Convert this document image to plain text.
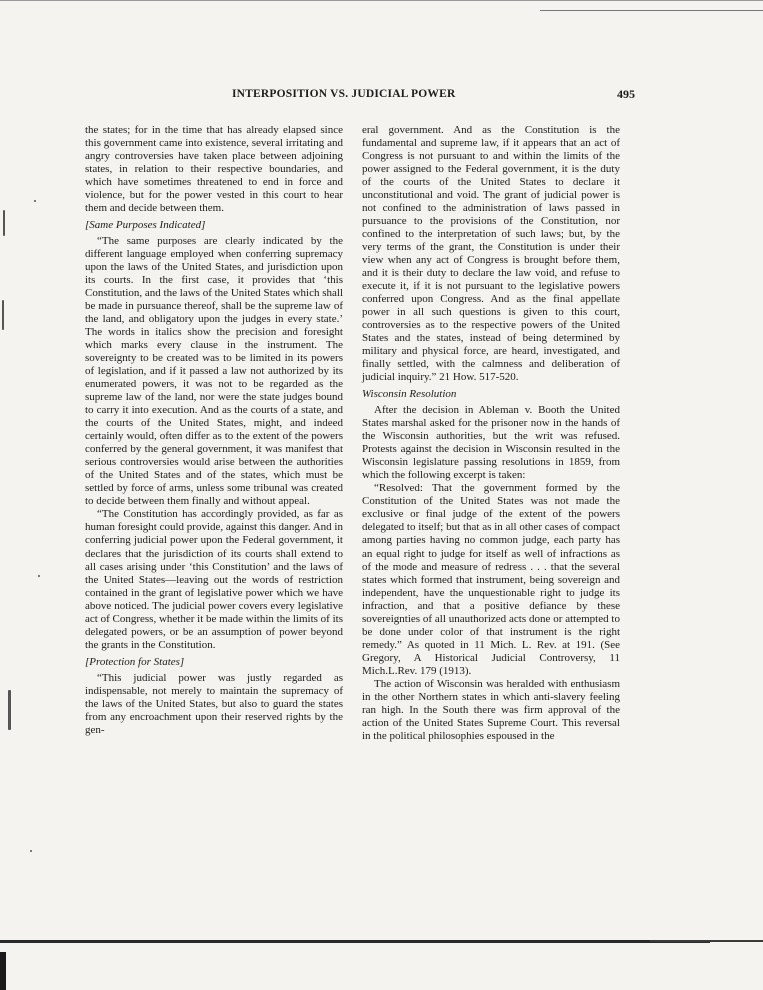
INTERPOSITION VS. JUDICIAL POWER	495

the states; for in the time that has already elapsed since this government came into existence, several irritating and angry controversies have taken place between adjoining states, in relation to their respective boundaries, and which have sometimes threatened to end in force and violence, but for the power vested in this court to hear them and decide between them.

[Same Purposes Indicated]

“The same purposes are clearly indicated by the different language employed when conferring supremacy upon the laws of the United States, and jurisdiction upon its courts. In the first case, it provides that ‘this Constitution, and the laws of the United States which shall be made in pursuance thereof, shall be the supreme law of the land, and obligatory upon the judges in every state.’ The words in italics show the precision and foresight which marks every clause in the instrument. The sovereignty to be created was to be limited in its powers of legislation, and if it passed a law not authorized by its enumerated powers, it was not to be regarded as the supreme law of the land, nor were the state judges bound to carry it into execution. And as the courts of a state, and the courts of the United States, might, and indeed certainly would, often differ as to the extent of the powers conferred by the general government, it was manifest that serious controversies would arise between the authorities of the United States and of the states, which must be settled by force of arms, unless some tribunal was created to decide between them finally and without appeal.

“The Constitution has accordingly provided, as far as human foresight could provide, against this danger. And in conferring judicial power upon the Federal government, it declares that the jurisdiction of its courts shall extend to all cases arising under ‘this Constitution’ and the laws of the United States—leaving out the words of restriction contained in the grant of legislative power which we have above noticed. The judicial power covers every legislative act of Congress, whether it be made within the limits of its delegated powers, or be an assumption of power beyond the grants in the Constitution.

[Protection for States]

“This judicial power was justly regarded as indispensable, not merely to maintain the supremacy of the laws of the United States, but also to guard the states from any encroachment upon their reserved rights by the gen-

eral government. And as the Constitution is the fundamental and supreme law, if it appears that an act of Congress is not pursuant to and within the limits of the power assigned to the Federal government, it is the duty of the courts of the United States to declare it unconstitutional and void. The grant of judicial power is not confined to the administration of laws passed in pursuance to the provisions of the Constitution, nor confined to the interpretation of such laws; but, by the very terms of the grant, the Constitution is under their view when any act of Congress is brought before them, and it is their duty to declare the law void, and refuse to execute it, if it is not pursuant to the legislative powers conferred upon Congress. And as the final appellate power in all such questions is given to this court, controversies as to the respective powers of the United States and the states, instead of being determined by military and physical force, are heard, investigated, and finally settled, with the calmness and deliberation of judicial inquiry.” 21 How. 517-520.

Wisconsin Resolution

After the decision in Ableman v. Booth the United States marshal asked for the prisoner now in the hands of the Wisconsin authorities, but the writ was refused. Protests against the decision in Wisconsin resulted in the Wisconsin legislature passing resolutions in 1859, from which the following excerpt is taken:

“Resolved: That the government formed by the Constitution of the United States was not made the exclusive or final judge of the extent of the powers delegated to itself; but that as in all other cases of compact among parties having no common judge, each party has an equal right to judge for itself as well of infractions as of the mode and measure of redress . . . that the several states which formed that instrument, being sovereign and independent, have the unquestionable right to judge its infraction, and that a positive defiance by these sovereignties of all unauthorized acts done or attempted to be done under color of that instrument is the right remedy.” As quoted in 11 Mich. L. Rev. at 191. (See Gregory, A Historical Judicial Controversy, 11 Mich.L.Rev. 179 (1913).

The action of Wisconsin was heralded with enthusiasm in the other Northern states in which anti-slavery feeling ran high. In the South there was firm approval of the action of the United States Supreme Court. This reversal in the political philosophies espoused in the
